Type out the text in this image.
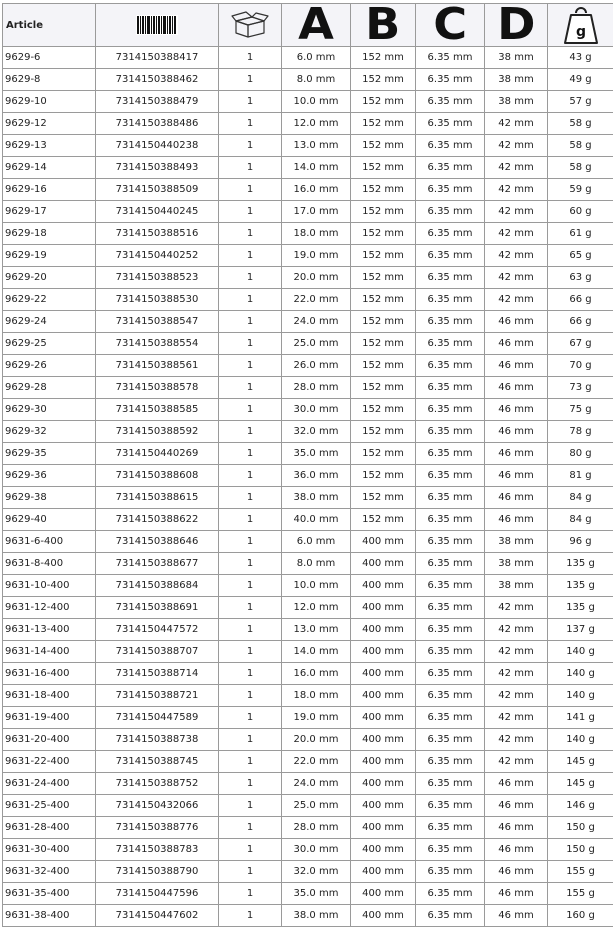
Article			A	B	C	D	g

9629-6	7314150388417	1	6.0 mm	152 mm	6.35 mm	38 mm	43 g
9629-8	7314150388462	1	8.0 mm	152 mm	6.35 mm	38 mm	49 g
9629-10	7314150388479	1	10.0 mm	152 mm	6.35 mm	38 mm	57 g
9629-12	7314150388486	1	12.0 mm	152 mm	6.35 mm	42 mm	58 g
9629-13	7314150440238	1	13.0 mm	152 mm	6.35 mm	42 mm	58 g
9629-14	7314150388493	1	14.0 mm	152 mm	6.35 mm	42 mm	58 g
9629-16	7314150388509	1	16.0 mm	152 mm	6.35 mm	42 mm	59 g
9629-17	7314150440245	1	17.0 mm	152 mm	6.35 mm	42 mm	60 g
9629-18	7314150388516	1	18.0 mm	152 mm	6.35 mm	42 mm	61 g
9629-19	7314150440252	1	19.0 mm	152 mm	6.35 mm	42 mm	65 g
9629-20	7314150388523	1	20.0 mm	152 mm	6.35 mm	42 mm	63 g
9629-22	7314150388530	1	22.0 mm	152 mm	6.35 mm	42 mm	66 g
9629-24	7314150388547	1	24.0 mm	152 mm	6.35 mm	46 mm	66 g
9629-25	7314150388554	1	25.0 mm	152 mm	6.35 mm	46 mm	67 g
9629-26	7314150388561	1	26.0 mm	152 mm	6.35 mm	46 mm	70 g
9629-28	7314150388578	1	28.0 mm	152 mm	6.35 mm	46 mm	73 g
9629-30	7314150388585	1	30.0 mm	152 mm	6.35 mm	46 mm	75 g
9629-32	7314150388592	1	32.0 mm	152 mm	6.35 mm	46 mm	78 g
9629-35	7314150440269	1	35.0 mm	152 mm	6.35 mm	46 mm	80 g
9629-36	7314150388608	1	36.0 mm	152 mm	6.35 mm	46 mm	81 g
9629-38	7314150388615	1	38.0 mm	152 mm	6.35 mm	46 mm	84 g
9629-40	7314150388622	1	40.0 mm	152 mm	6.35 mm	46 mm	84 g
9631-6-400	7314150388646	1	6.0 mm	400 mm	6.35 mm	38 mm	96 g
9631-8-400	7314150388677	1	8.0 mm	400 mm	6.35 mm	38 mm	135 g
9631-10-400	7314150388684	1	10.0 mm	400 mm	6.35 mm	38 mm	135 g
9631-12-400	7314150388691	1	12.0 mm	400 mm	6.35 mm	42 mm	135 g
9631-13-400	7314150447572	1	13.0 mm	400 mm	6.35 mm	42 mm	137 g
9631-14-400	7314150388707	1	14.0 mm	400 mm	6.35 mm	42 mm	140 g
9631-16-400	7314150388714	1	16.0 mm	400 mm	6.35 mm	42 mm	140 g
9631-18-400	7314150388721	1	18.0 mm	400 mm	6.35 mm	42 mm	140 g
9631-19-400	7314150447589	1	19.0 mm	400 mm	6.35 mm	42 mm	141 g
9631-20-400	7314150388738	1	20.0 mm	400 mm	6.35 mm	42 mm	140 g
9631-22-400	7314150388745	1	22.0 mm	400 mm	6.35 mm	42 mm	145 g
9631-24-400	7314150388752	1	24.0 mm	400 mm	6.35 mm	46 mm	145 g
9631-25-400	7314150432066	1	25.0 mm	400 mm	6.35 mm	46 mm	146 g
9631-28-400	7314150388776	1	28.0 mm	400 mm	6.35 mm	46 mm	150 g
9631-30-400	7314150388783	1	30.0 mm	400 mm	6.35 mm	46 mm	150 g
9631-32-400	7314150388790	1	32.0 mm	400 mm	6.35 mm	46 mm	155 g
9631-35-400	7314150447596	1	35.0 mm	400 mm	6.35 mm	46 mm	155 g
9631-38-400	7314150447602	1	38.0 mm	400 mm	6.35 mm	46 mm	160 g
